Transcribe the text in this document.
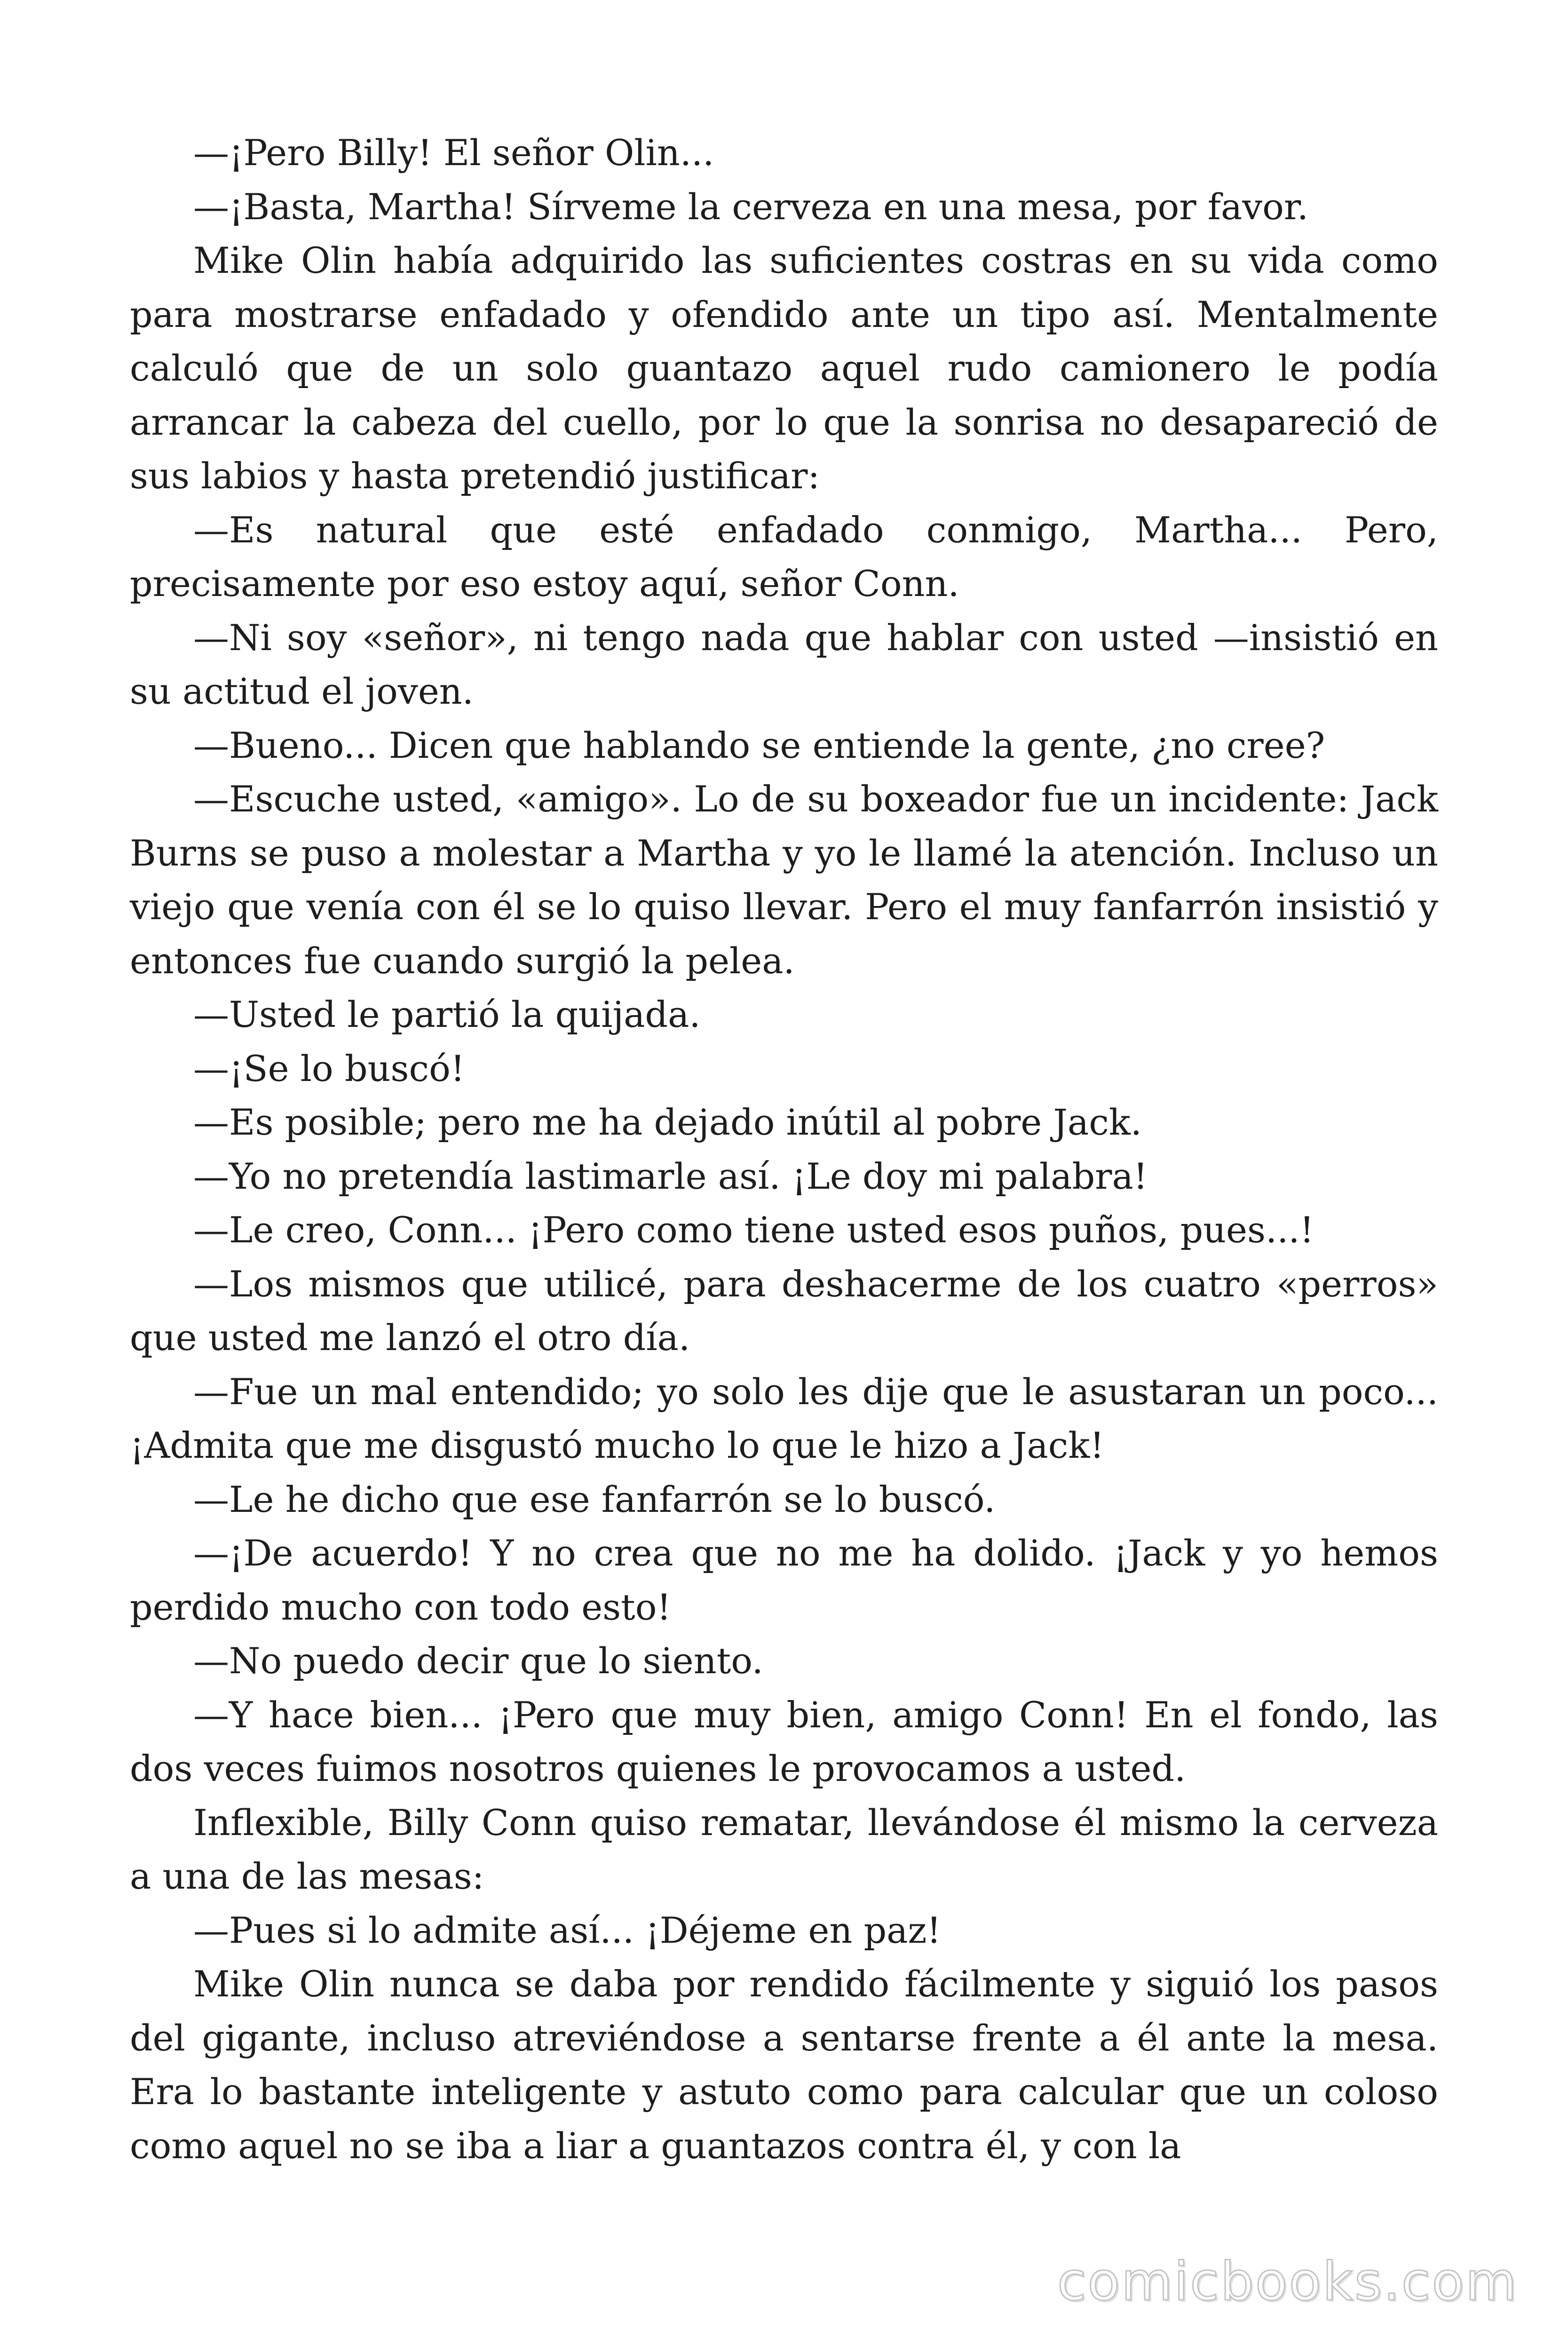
—¡Pero Billy! El señor Olin...

—¡Basta, Martha! Sírveme la cerveza en una mesa, por favor.

Mike Olin había adquirido las suficientes costras en su vida como para mostrarse enfadado y ofendido ante un tipo así. Mentalmente calculó que de un solo guantazo aquel rudo camionero le podía arrancar la cabeza del cuello, por lo que la sonrisa no desapareció de sus labios y hasta pretendió justificar:

—Es natural que esté enfadado conmigo, Martha... Pero, precisamente por eso estoy aquí, señor Conn.

—Ni soy «señor», ni tengo nada que hablar con usted —insistió en su actitud el joven.

—Bueno... Dicen que hablando se entiende la gente, ¿no cree?

—Escuche usted, «amigo». Lo de su boxeador fue un incidente: Jack Burns se puso a molestar a Martha y yo le llamé la atención. Incluso un viejo que venía con él se lo quiso llevar. Pero el muy fanfarrón insistió y entonces fue cuando surgió la pelea.

—Usted le partió la quijada.

—¡Se lo buscó!

—Es posible; pero me ha dejado inútil al pobre Jack.

—Yo no pretendía lastimarle así. ¡Le doy mi palabra!

—Le creo, Conn... ¡Pero como tiene usted esos puños, pues...!

—Los mismos que utilicé, para deshacerme de los cuatro «perros» que usted me lanzó el otro día.

—Fue un mal entendido; yo solo les dije que le asustaran un poco... ¡Admita que me disgustó mucho lo que le hizo a Jack!

—Le he dicho que ese fanfarrón se lo buscó.

—¡De acuerdo! Y no crea que no me ha dolido. ¡Jack y yo hemos perdido mucho con todo esto!

—No puedo decir que lo siento.

—Y hace bien... ¡Pero que muy bien, amigo Conn! En el fondo, las dos veces fuimos nosotros quienes le provocamos a usted.

Inflexible, Billy Conn quiso rematar, llevándose él mismo la cerveza a una de las mesas:

—Pues si lo admite así... ¡Déjeme en paz!

Mike Olin nunca se daba por rendido fácilmente y siguió los pasos del gigante, incluso atreviéndose a sentarse frente a él ante la mesa. Era lo bastante inteligente y astuto como para calcular que un coloso como aquel no se iba a liar a guantazos contra él, y con la

comicbooks.com
